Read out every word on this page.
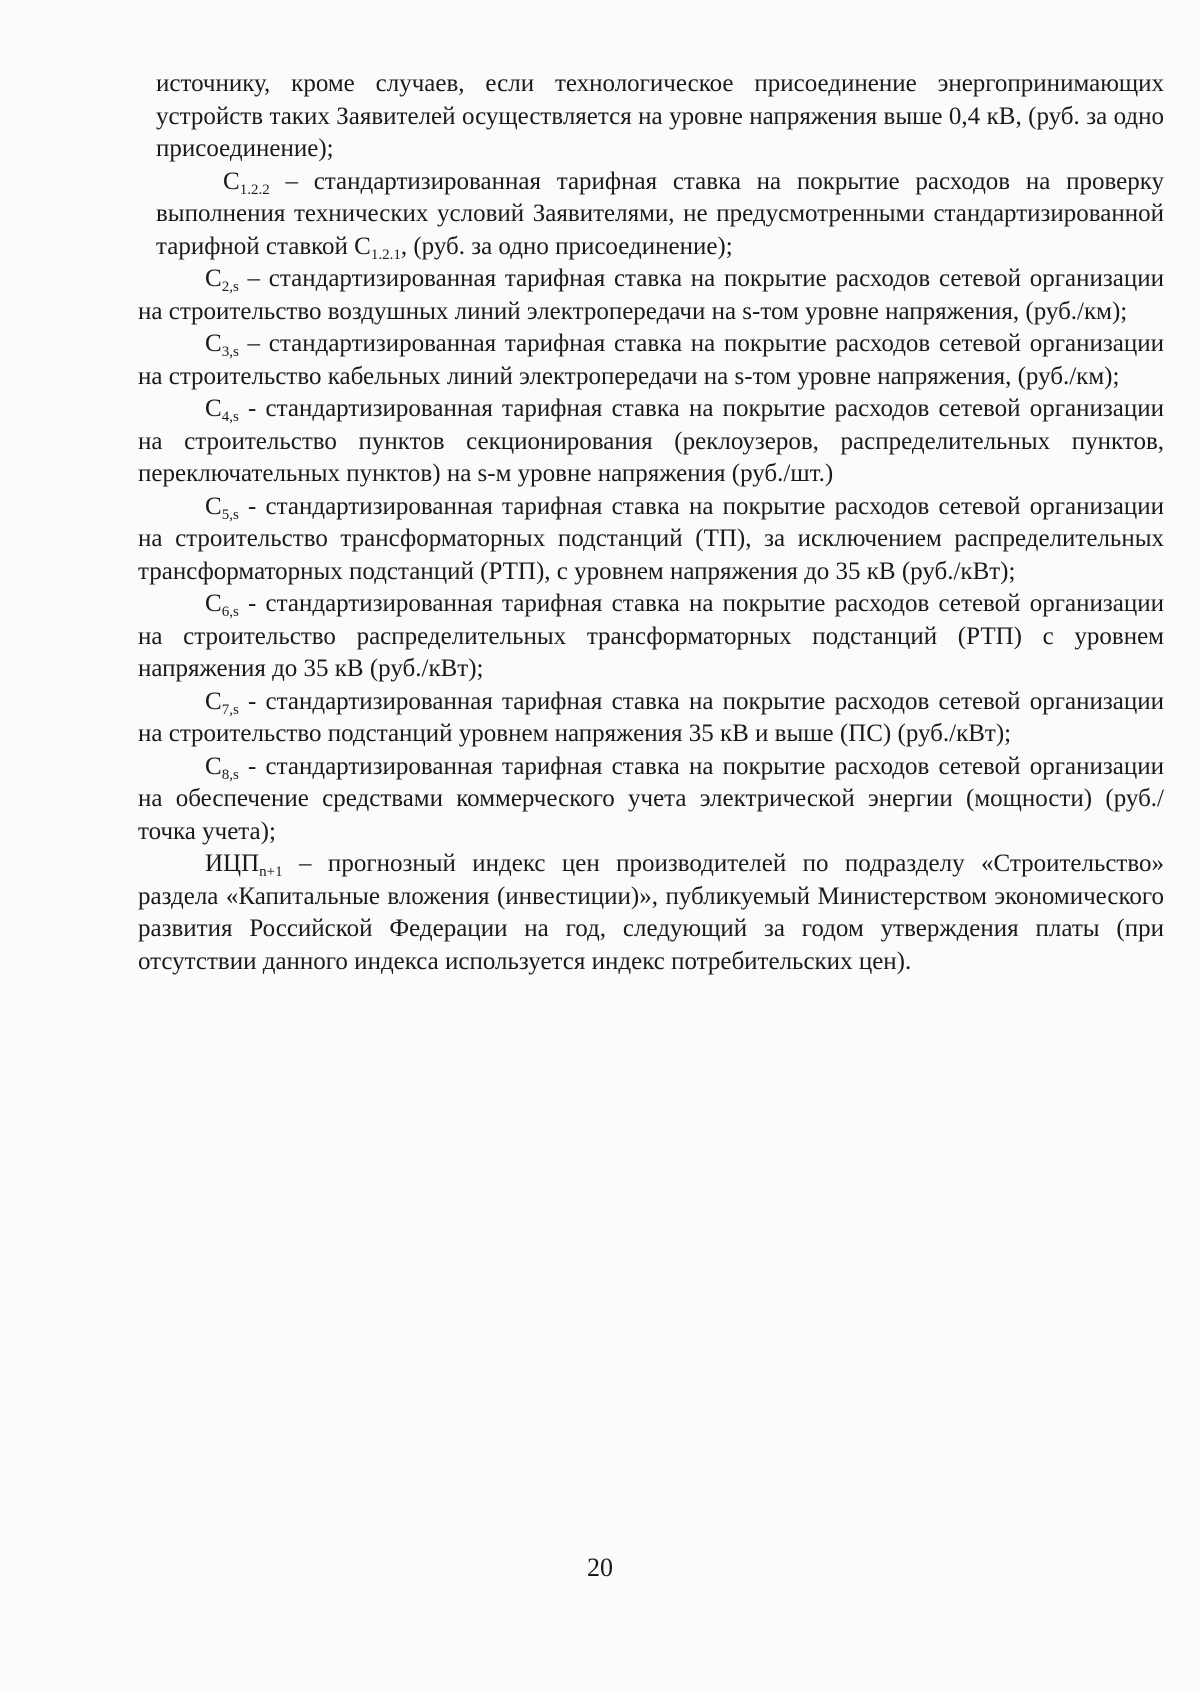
источнику, кроме случаев, если технологическое присоединение энергопринимающих устройств таких Заявителей осуществляется на уровне напряжения выше 0,4 кВ, (руб. за одно присоединение);

$С_{1.2.2}$ – стандартизированная тарифная ставка на покрытие расходов на проверку выполнения технических условий Заявителями, не предусмотренными стандартизированной тарифной ставкой $С_{1.2.1}$, (руб. за одно присоединение);

$С_{2,s}$ – стандартизированная тарифная ставка на покрытие расходов сетевой организации на строительство воздушных линий электропередачи на s-том уровне напряжения, (руб./км);

$С_{3,s}$ – стандартизированная тарифная ставка на покрытие расходов сетевой организации на строительство кабельных линий электропередачи на s-том уровне напряжения, (руб./км);

$С_{4,s}$ - стандартизированная тарифная ставка на покрытие расходов сетевой организации на строительство пунктов секционирования (реклоузеров, распределительных пунктов, переключательных пунктов) на s-м уровне напряжения (руб./шт.)

$С_{5,s}$ - стандартизированная тарифная ставка на покрытие расходов сетевой организации на строительство трансформаторных подстанций (ТП), за исключением распределительных трансформаторных подстанций (РТП), с уровнем напряжения до 35 кВ (руб./кВт);

$С_{6,s}$ - стандартизированная тарифная ставка на покрытие расходов сетевой организации на строительство распределительных трансформаторных подстанций (РТП) с уровнем напряжения до 35 кВ (руб./кВт);

$С_{7,s}$ - стандартизированная тарифная ставка на покрытие расходов сетевой организации на строительство подстанций уровнем напряжения 35 кВ и выше (ПС) (руб./кВт);

$С_{8,s}$ - стандартизированная тарифная ставка на покрытие расходов сетевой организации на обеспечение средствами коммерческого учета электрической энергии (мощности) (руб./точка учета);

$ИЦП_{n+1}$ – прогнозный индекс цен производителей по подразделу «Строительство» раздела «Капитальные вложения (инвестиции)», публикуемый Министерством экономического развития Российской Федерации на год, следующий за годом утверждения платы (при отсутствии данного индекса используется индекс потребительских цен).

20
